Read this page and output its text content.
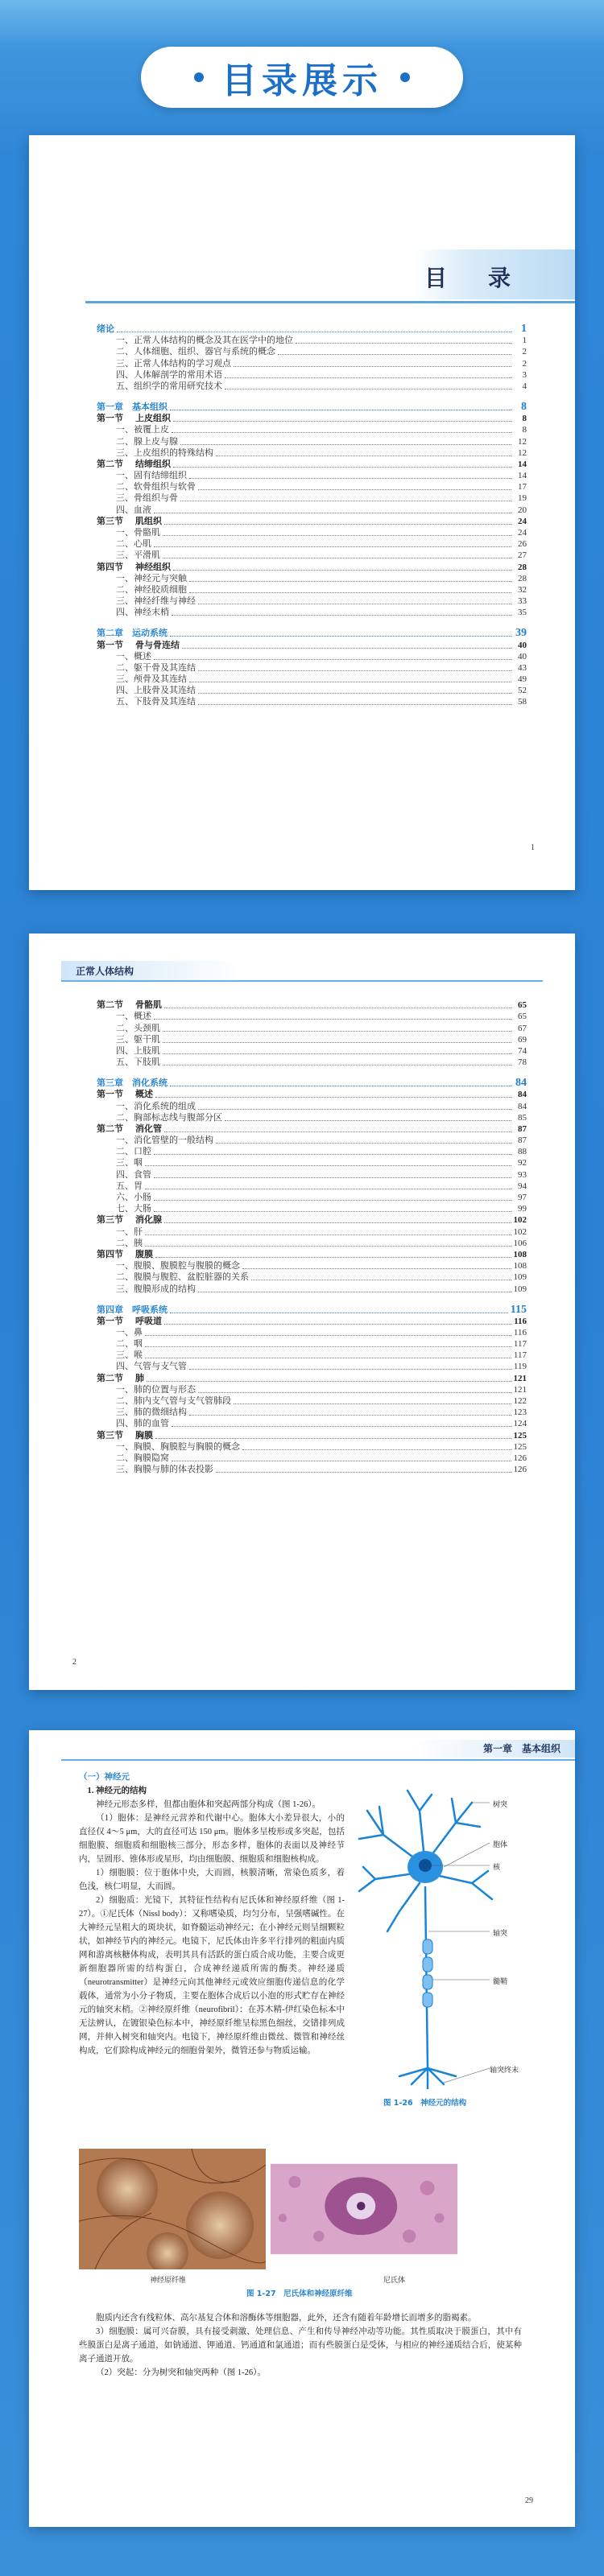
目录展示
目 录
绪论	1
一、正常人体结构的概念及其在医学中的地位	1
二、人体细胞、组织、器官与系统的概念	2
三、正常人体结构的学习观点	2
四、人体解剖学的常用术语	3
五、组织学的常用研究技术	4
第一章　基本组织	8
第一节 上皮组织	8
一、被覆上皮	8
二、腺上皮与腺	12
三、上皮组织的特殊结构	12
第二节 结缔组织	14
一、固有结缔组织	14
二、软骨组织与软骨	17
三、骨组织与骨	19
四、血液	20
第三节 肌组织	24
一、骨骼肌	24
二、心肌	26
三、平滑肌	27
第四节 神经组织	28
一、神经元与突触	28
二、神经胶质细胞	32
三、神经纤维与神经	33
四、神经末梢	35
第二章　运动系统	39
第一节 骨与骨连结	40
一、概述	40
二、躯干骨及其连结	43
三、颅骨及其连结	49
四、上肢骨及其连结	52
五、下肢骨及其连结	58
1
正常人体结构
第二节 骨骼肌	65
一、概述	65
二、头颈肌	67
三、躯干肌	69
四、上肢肌	74
五、下肢肌	78
第三章　消化系统	84
第一节 概述	84
一、消化系统的组成	84
二、胸部标志线与腹部分区	85
第二节 消化管	87
一、消化管壁的一般结构	87
二、口腔	88
三、咽	92
四、食管	93
五、胃	94
六、小肠	97
七、大肠	99
第三节 消化腺	102
一、肝	102
二、胰	106
第四节 腹膜	108
一、腹膜、腹膜腔与腹膜的概念	108
二、腹膜与腹腔、盆腔脏器的关系	109
三、腹膜形成的结构	109
第四章　呼吸系统	115
第一节 呼吸道	116
一、鼻	116
二、咽	117
三、喉	117
四、气管与支气管	119
第二节 肺	121
一、肺的位置与形态	121
二、肺内支气管与支气管肺段	122
三、肺的微细结构	123
四、肺的血管	124
第三节 胸膜	125
一、胸膜、胸膜腔与胸膜的概念	125
二、胸膜隐窝	126
三、胸膜与肺的体表投影	126
2
第一章　基本组织

（一）神经元

1. 神经元的结构

神经元形态多样，但都由胞体和突起两部分构成（图 1-26）。

（1）胞体：是神经元营养和代谢中心。胞体大小差异很大，小的直径仅 4～5 μm，大的直径可达 150 μm。胞体多呈梭形或多突起，包括细胞膜、细胞质和细胞核三部分，形态多样，胞体的表面以及神经节内，呈圆形、锥体形或星形，均由细胞膜、细胞质和细胞核构成。

1）细胞膜：位于胞体中央，大而圆，核膜清晰，常染色质多，着色浅，核仁明显，大而圆。

2）细胞质：光镜下，其特征性结构有尼氏体和神经原纤维（图 1-27）。①尼氏体（Nissl body）：又称嗜染质，均匀分布，呈强嗜碱性。在大神经元呈粗大的斑块状，如脊髓运动神经元；在小神经元则呈细颗粒状，如神经节内的神经元。电镜下，尼氏体由许多平行排列的粗面内质网和游离核糖体构成，表明其具有活跃的蛋白质合成功能，主要合成更新细胞器所需的结构蛋白，合成神经递质所需的酶类。神经递质（neurotransmitter）是神经元向其他神经元或效应细胞传递信息的化学载体，通常为小分子物质，主要在胞体合成后以小泡的形式贮存在神经元的轴突末梢。②神经原纤维（neurofibril）：在苏木精-伊红染色标本中无法辨认，在镀银染色标本中，神经原纤维呈棕黑色细丝，交错排列成网，并伸入树突和轴突内。电镜下，神经原纤维由微丝、微管和神经丝构成，它们除构成神经元的细胞骨架外，微管还参与物质运输。

树突
胞体
核
轴突
髓鞘
轴突终末
图 1-26　神经元的结构
神经原纤维	尼氏体
图 1-27　尼氏体和神经原纤维

胞质内还含有线粒体、高尔基复合体和溶酶体等细胞器，此外，还含有随着年龄增长而增多的脂褐素。

3）细胞膜：属可兴奋膜，具有接受刺激、处理信息、产生和传导神经冲动等功能。其性质取决于膜蛋白，其中有些膜蛋白是离子通道，如钠通道、钾通道、钙通道和氯通道；而有些膜蛋白是受体，与相应的神经递质结合后，使某种离子通道开放。

（2）突起：分为树突和轴突两种（图 1-26）。

29
